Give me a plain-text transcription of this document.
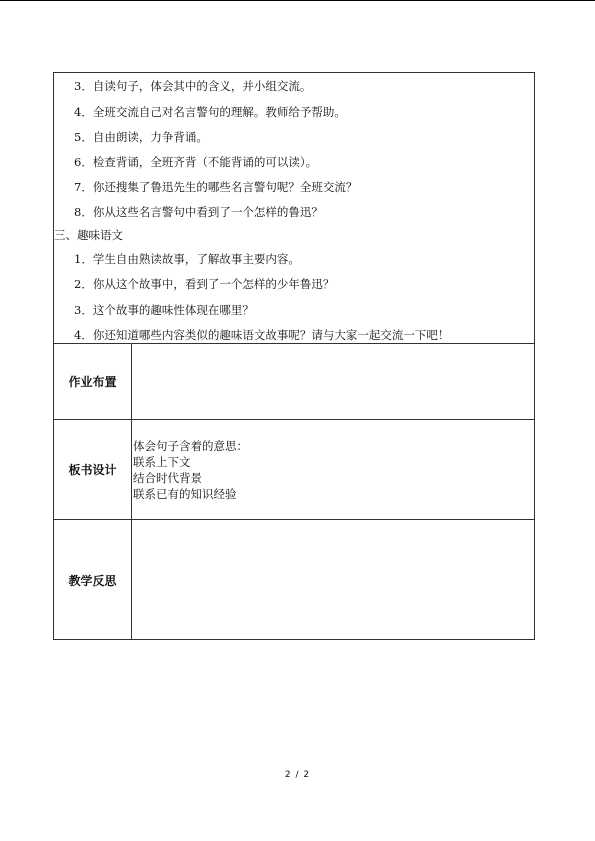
3．自读句子，体会其中的含义，并小组交流。
4．全班交流自己对名言警句的理解。教师给予帮助。
5．自由朗读，力争背诵。
6．检查背诵，全班齐背（不能背诵的可以读）。
7．你还搜集了鲁迅先生的哪些名言警句呢？全班交流？
8．你从这些名言警句中看到了一个怎样的鲁迅？
三、趣味语文
1．学生自由熟读故事，了解故事主要内容。
2．你从这个故事中，看到了一个怎样的少年鲁迅？
3．这个故事的趣味性体现在哪里？
4．你还知道哪些内容类似的趣味语文故事呢？请与大家一起交流一下吧！
作业布置
板书设计
体会句子含着的意思：
联系上下文
结合时代背景
联系已有的知识经验
教学反思
2 / 2
